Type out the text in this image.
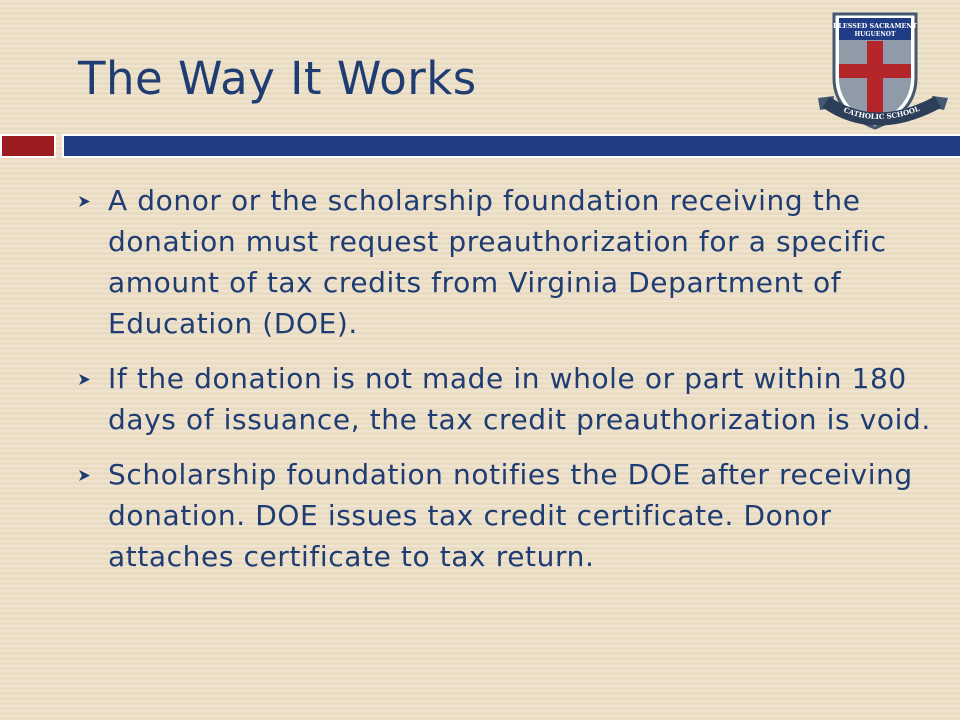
The Way It Works
BLESSED SACRAMENT
HUGUENOT
CATHOLIC SCHOOL
A donor or the scholarship foundation receiving the donation must request preauthorization for a specific amount of tax credits from Virginia Department of Education (DOE).
If the donation is not made in whole or part within 180 days of issuance, the tax credit preauthorization is void.
Scholarship foundation notifies the DOE after receiving donation. DOE issues tax credit certificate. Donor attaches certificate to tax return.
